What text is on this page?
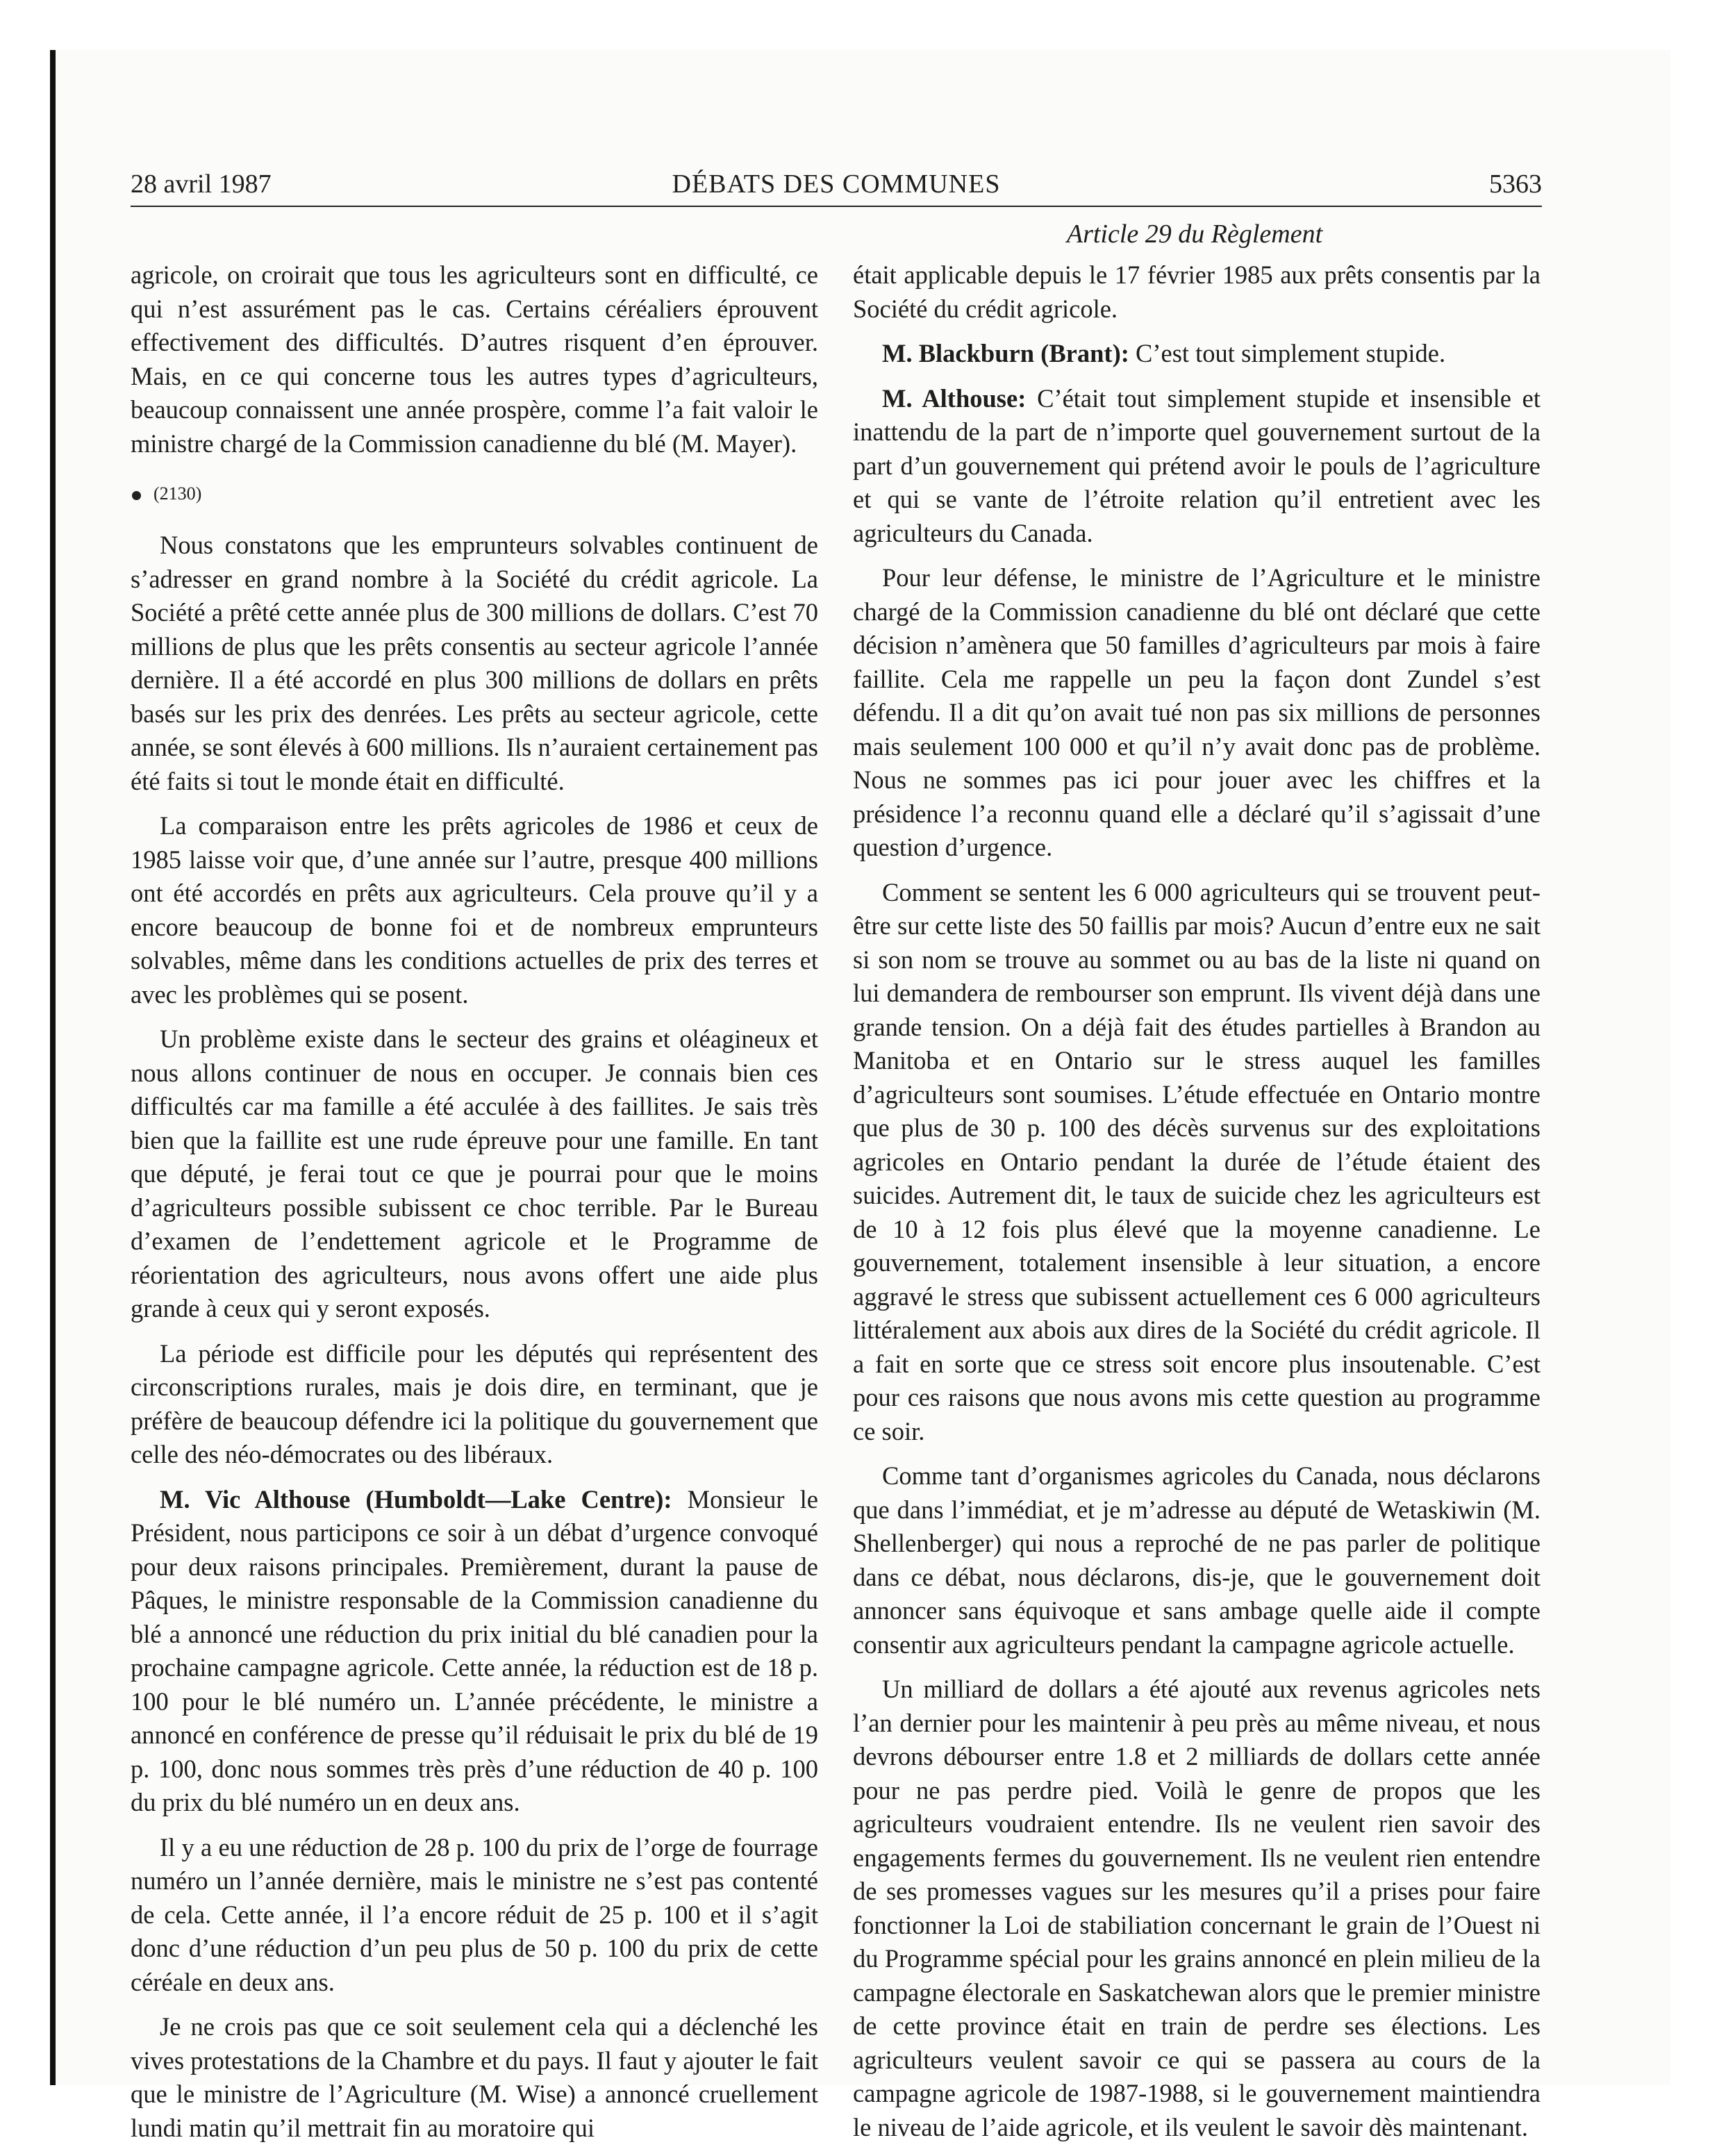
28 avril 1987	DÉBATS DES COMMUNES	5363
Article 29 du Règlement

agricole, on croirait que tous les agriculteurs sont en difficulté, ce qui n’est assurément pas le cas. Certains céréaliers éprouvent effectivement des difficultés. D’autres risquent d’en éprouver. Mais, en ce qui concerne tous les autres types d’agriculteurs, beaucoup connaissent une année prospère, comme l’a fait valoir le ministre chargé de la Commission canadienne du blé (M. Mayer).

(2130)

Nous constatons que les emprunteurs solvables continuent de s’adresser en grand nombre à la Société du crédit agricole. La Société a prêté cette année plus de 300 millions de dollars. C’est 70 millions de plus que les prêts consentis au secteur agricole l’année dernière. Il a été accordé en plus 300 millions de dollars en prêts basés sur les prix des denrées. Les prêts au secteur agricole, cette année, se sont élevés à 600 millions. Ils n’auraient certainement pas été faits si tout le monde était en difficulté.

La comparaison entre les prêts agricoles de 1986 et ceux de 1985 laisse voir que, d’une année sur l’autre, presque 400 millions ont été accordés en prêts aux agriculteurs. Cela prouve qu’il y a encore beaucoup de bonne foi et de nombreux emprunteurs solvables, même dans les conditions actuelles de prix des terres et avec les problèmes qui se posent.

Un problème existe dans le secteur des grains et oléagineux et nous allons continuer de nous en occuper. Je connais bien ces difficultés car ma famille a été acculée à des faillites. Je sais très bien que la faillite est une rude épreuve pour une famille. En tant que député, je ferai tout ce que je pourrai pour que le moins d’agriculteurs possible subissent ce choc terrible. Par le Bureau d’examen de l’endettement agricole et le Programme de réorientation des agriculteurs, nous avons offert une aide plus grande à ceux qui y seront exposés.

La période est difficile pour les députés qui représentent des circonscriptions rurales, mais je dois dire, en terminant, que je préfère de beaucoup défendre ici la politique du gouvernement que celle des néo-démocrates ou des libéraux.

M. Vic Althouse (Humboldt—Lake Centre): Monsieur le Président, nous participons ce soir à un débat d’urgence convoqué pour deux raisons principales. Premièrement, durant la pause de Pâques, le ministre responsable de la Commission canadienne du blé a annoncé une réduction du prix initial du blé canadien pour la prochaine campagne agricole. Cette année, la réduction est de 18 p. 100 pour le blé numéro un. L’année précédente, le ministre a annoncé en conférence de presse qu’il réduisait le prix du blé de 19 p. 100, donc nous sommes très près d’une réduction de 40 p. 100 du prix du blé numéro un en deux ans.

Il y a eu une réduction de 28 p. 100 du prix de l’orge de fourrage numéro un l’année dernière, mais le ministre ne s’est pas contenté de cela. Cette année, il l’a encore réduit de 25 p. 100 et il s’agit donc d’une réduction d’un peu plus de 50 p. 100 du prix de cette céréale en deux ans.

Je ne crois pas que ce soit seulement cela qui a déclenché les vives protestations de la Chambre et du pays. Il faut y ajouter le fait que le ministre de l’Agriculture (M. Wise) a annoncé cruellement lundi matin qu’il mettrait fin au moratoire qui

était applicable depuis le 17 février 1985 aux prêts consentis par la Société du crédit agricole.

M. Blackburn (Brant): C’est tout simplement stupide.

M. Althouse: C’était tout simplement stupide et insensible et inattendu de la part de n’importe quel gouvernement surtout de la part d’un gouvernement qui prétend avoir le pouls de l’agriculture et qui se vante de l’étroite relation qu’il entretient avec les agriculteurs du Canada.

Pour leur défense, le ministre de l’Agriculture et le ministre chargé de la Commission canadienne du blé ont déclaré que cette décision n’amènera que 50 familles d’agriculteurs par mois à faire faillite. Cela me rappelle un peu la façon dont Zundel s’est défendu. Il a dit qu’on avait tué non pas six millions de personnes mais seulement 100 000 et qu’il n’y avait donc pas de problème. Nous ne sommes pas ici pour jouer avec les chiffres et la présidence l’a reconnu quand elle a déclaré qu’il s’agissait d’une question d’urgence.

Comment se sentent les 6 000 agriculteurs qui se trouvent peut-être sur cette liste des 50 faillis par mois? Aucun d’entre eux ne sait si son nom se trouve au sommet ou au bas de la liste ni quand on lui demandera de rembourser son emprunt. Ils vivent déjà dans une grande tension. On a déjà fait des études partielles à Brandon au Manitoba et en Ontario sur le stress auquel les familles d’agriculteurs sont soumises. L’étude effectuée en Ontario montre que plus de 30 p. 100 des décès survenus sur des exploitations agricoles en Ontario pendant la durée de l’étude étaient des suicides. Autrement dit, le taux de suicide chez les agriculteurs est de 10 à 12 fois plus élevé que la moyenne canadienne. Le gouvernement, totalement insensible à leur situation, a encore aggravé le stress que subissent actuellement ces 6 000 agriculteurs littéralement aux abois aux dires de la Société du crédit agricole. Il a fait en sorte que ce stress soit encore plus insoutenable. C’est pour ces raisons que nous avons mis cette question au programme ce soir.

Comme tant d’organismes agricoles du Canada, nous déclarons que dans l’immédiat, et je m’adresse au député de Wetaskiwin (M. Shellenberger) qui nous a reproché de ne pas parler de politique dans ce débat, nous déclarons, dis-je, que le gouvernement doit annoncer sans équivoque et sans ambage quelle aide il compte consentir aux agriculteurs pendant la campagne agricole actuelle.

Un milliard de dollars a été ajouté aux revenus agricoles nets l’an dernier pour les maintenir à peu près au même niveau, et nous devrons débourser entre 1.8 et 2 milliards de dollars cette année pour ne pas perdre pied. Voilà le genre de propos que les agriculteurs voudraient entendre. Ils ne veulent rien savoir des engagements fermes du gouvernement. Ils ne veulent rien entendre de ses promesses vagues sur les mesures qu’il a prises pour faire fonctionner la Loi de stabiliation concernant le grain de l’Ouest ni du Programme spécial pour les grains annoncé en plein milieu de la campagne électorale en Saskatchewan alors que le premier ministre de cette province était en train de perdre ses élections. Les agriculteurs veulent savoir ce qui se passera au cours de la campagne agricole de 1987-1988, si le gouvernement maintiendra le niveau de l’aide agricole, et ils veulent le savoir dès maintenant.
